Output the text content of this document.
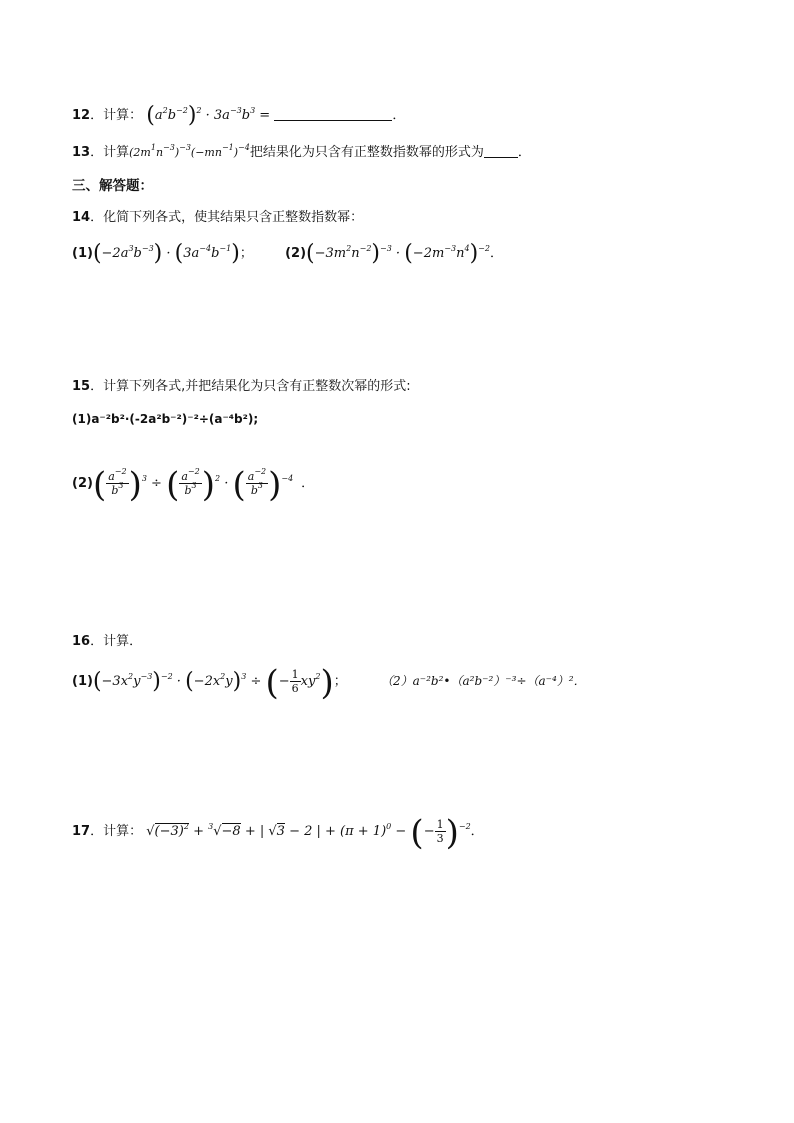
12．计算： $(a^2b^{-2})^2 \cdot 3a^{-3}b^3$ =	．
13．计算$(2m^1n^{-3})^{-3}(-mn^{-1})^{-4}$把结果化为只含有正整数指数幂的形式为	．
三、解答题：
14．化简下列各式，使其结果只含正整数指数幂：
$(1)(-2a^3b^{-3}) \cdot (3a^{-4}b^{-1})$； $(2)(-3m^2n^{-2})^{-3} \cdot (-2m^{-3}n^4)^{-2}$．
15．计算下列各式,并把结果化为只含有正整数次幂的形式:
(1)a⁻²b²·(-2a²b⁻²)⁻²÷(a⁻⁴b²);
$(2)( \frac{a^{-2}}{b^3} )^3$ ÷ ( $\frac{a^{-2}}{b^3} )^2$ · ( $\frac{a^{-2}}{b^3} )^{-4}$ ．
16．计算．
$(1)(-3x^2y^{-3})^{-2} \cdot (-2x^2y)^3$ ÷ (− $\frac{1}{6} xy^2$)；	（2）a⁻²b²•（a²b⁻²）⁻³÷（a⁻⁴）²．
17．计算： $√(-3)^2 + ^3√-8$ + | √3 − 2 | + $(\pi + 1)^0$ − (− $\frac{1}{3} )^{-2}$．
